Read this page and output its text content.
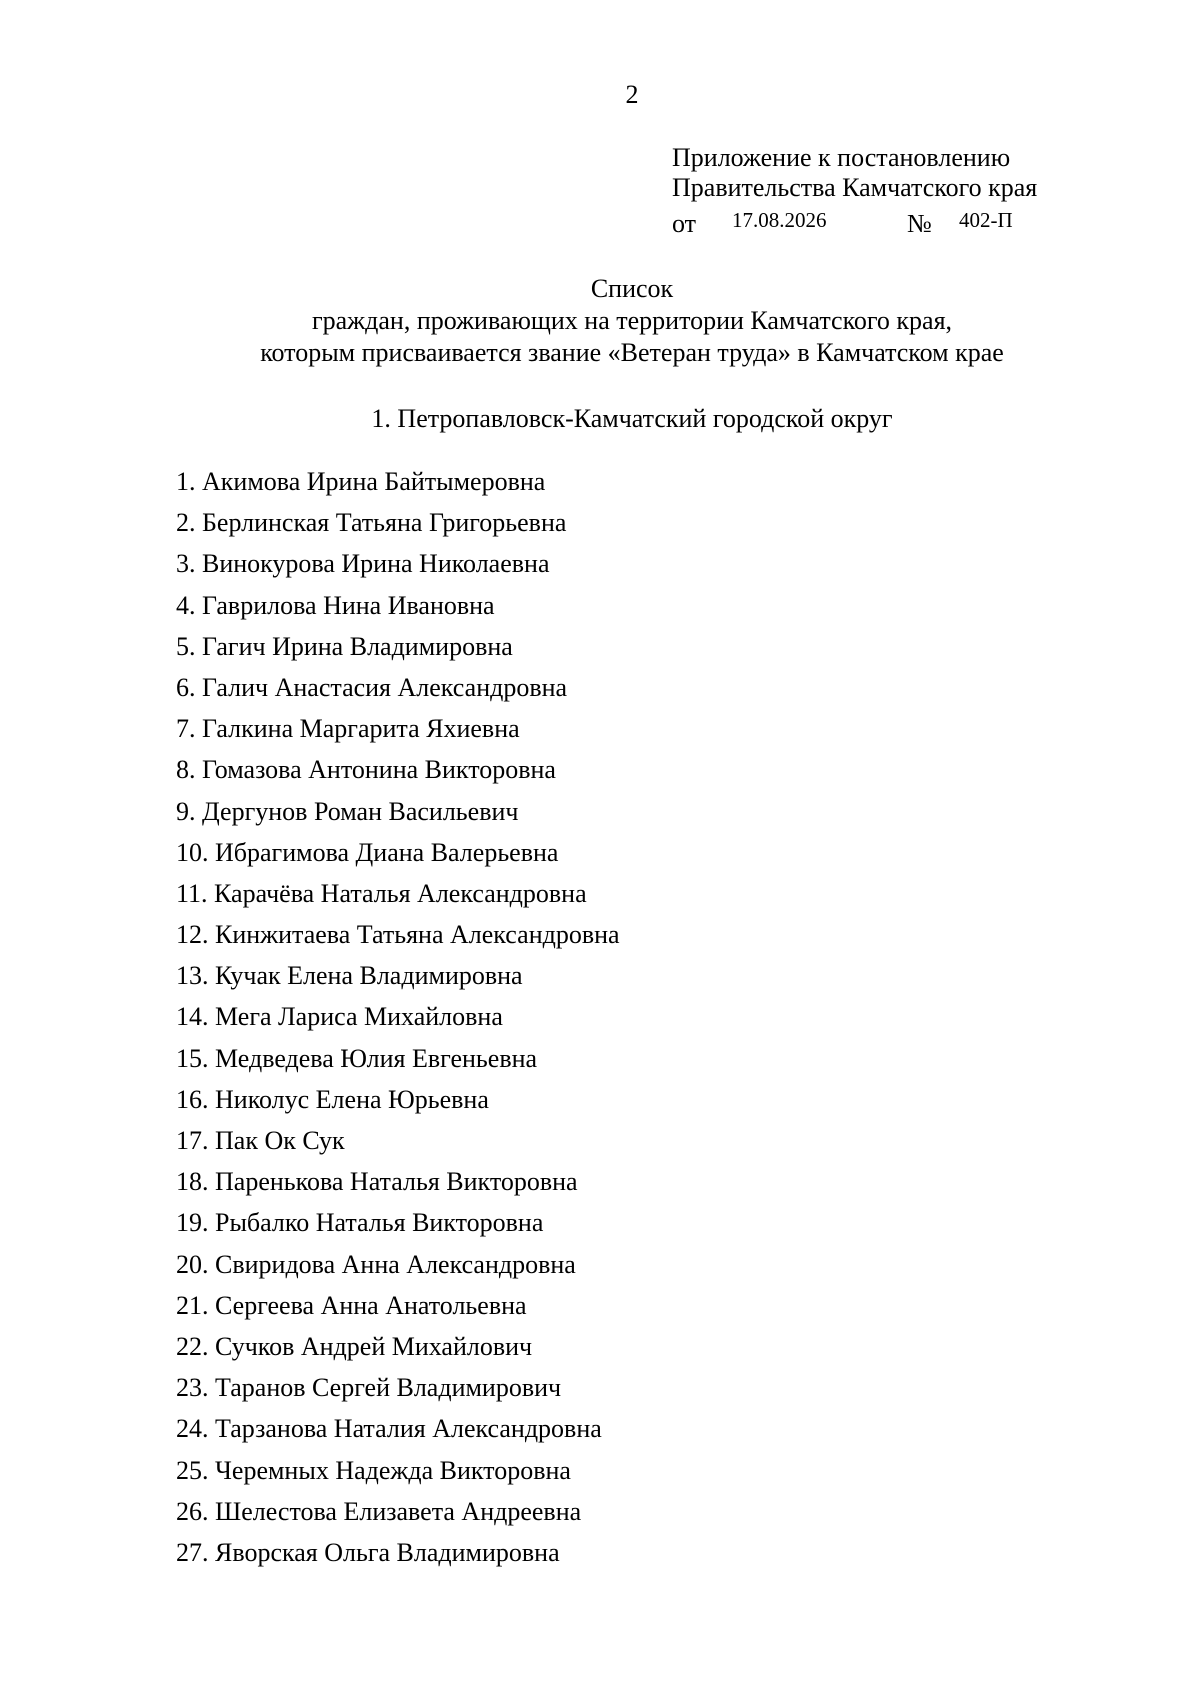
2
Приложение к постановлению
Правительства Камчатского края
от 17.08.2026	№ 402-П
Список
граждан, проживающих на территории Камчатского края,
которым присваивается звание «Ветеран труда» в Камчатском крае
1. Петропавловск-Камчатский городской округ
1. Акимова Ирина Байтымеровна
2. Берлинская Татьяна Григорьевна
3. Винокурова Ирина Николаевна
4. Гаврилова Нина Ивановна
5. Гагич Ирина Владимировна
6. Галич Анастасия Александровна
7. Галкина Маргарита Яхиевна
8. Гомазова Антонина Викторовна
9. Дергунов Роман Васильевич
10. Ибрагимова Диана Валерьевна
11. Карачёва Наталья Александровна
12. Кинжитаева Татьяна Александровна
13. Кучак Елена Владимировна
14. Мега Лариса Михайловна
15. Медведева Юлия Евгеньевна
16. Николус Елена Юрьевна
17. Пак Ок Сук
18. Паренькова Наталья Викторовна
19. Рыбалко Наталья Викторовна
20. Свиридова Анна Александровна
21. Сергеева Анна Анатольевна
22. Сучков Андрей Михайлович
23. Таранов Сергей Владимирович
24. Тарзанова Наталия Александровна
25. Черемных Надежда Викторовна
26. Шелестова Елизавета Андреевна
27. Яворская Ольга Владимировна
